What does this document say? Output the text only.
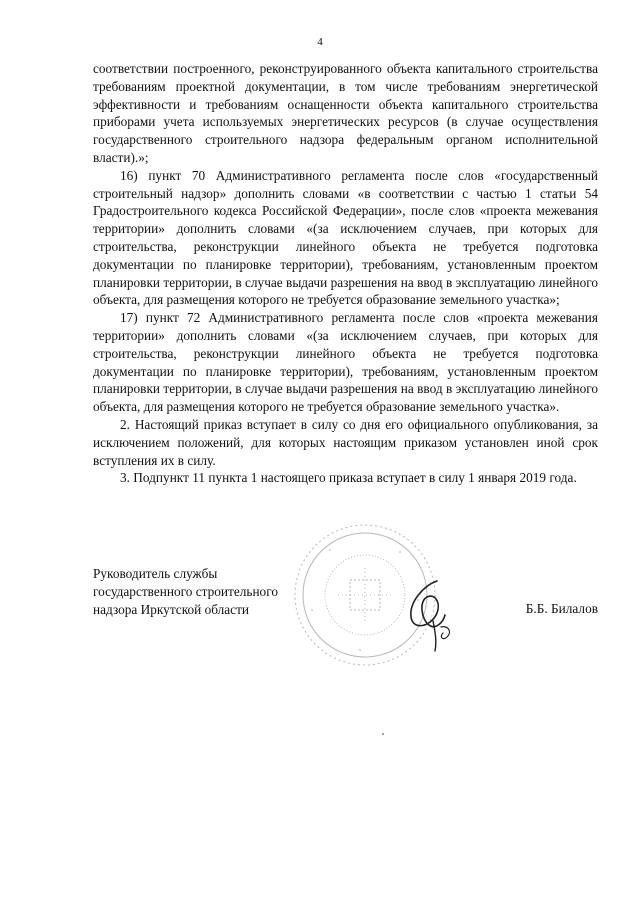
4

соответствии построенного, реконструированного объекта капитального строительства требованиям проектной документации, в том числе требованиям энергетической эффективности и требованиям оснащенности объекта капитального строительства приборами учета используемых энергетических ресурсов (в случае осуществления государственного строительного надзора федеральным органом исполнительной власти).»;

16) пункт 70 Административного регламента после слов «государственный строительный надзор» дополнить словами «в соответствии с частью 1 статьи 54 Градостроительного кодекса Российской Федерации», после слов «проекта межевания территории» дополнить словами «(за исключением случаев, при которых для строительства, реконструкции линейного объекта не требуется подготовка документации по планировке территории), требованиям, установленным проектом планировки территории, в случае выдачи разрешения на ввод в эксплуатацию линейного объекта, для размещения которого не требуется образование земельного участка»;

17) пункт 72 Административного регламента после слов «проекта межевания территории» дополнить словами «(за исключением случаев, при которых для строительства, реконструкции линейного объекта не требуется подготовка документации по планировке территории), требованиям, установленным проектом планировки территории, в случае выдачи разрешения на ввод в эксплуатацию линейного объекта, для размещения которого не требуется образование земельного участка».

2. Настоящий приказ вступает в силу со дня его официального опубликования, за исключением положений, для которых настоящим приказом установлен иной срок вступления их в силу.

3. Подпункт 11 пункта 1 настоящего приказа вступает в силу 1 января 2019 года.

Руководитель службы
государственного строительного
надзора Иркутской области	Б.Б. Билалов
